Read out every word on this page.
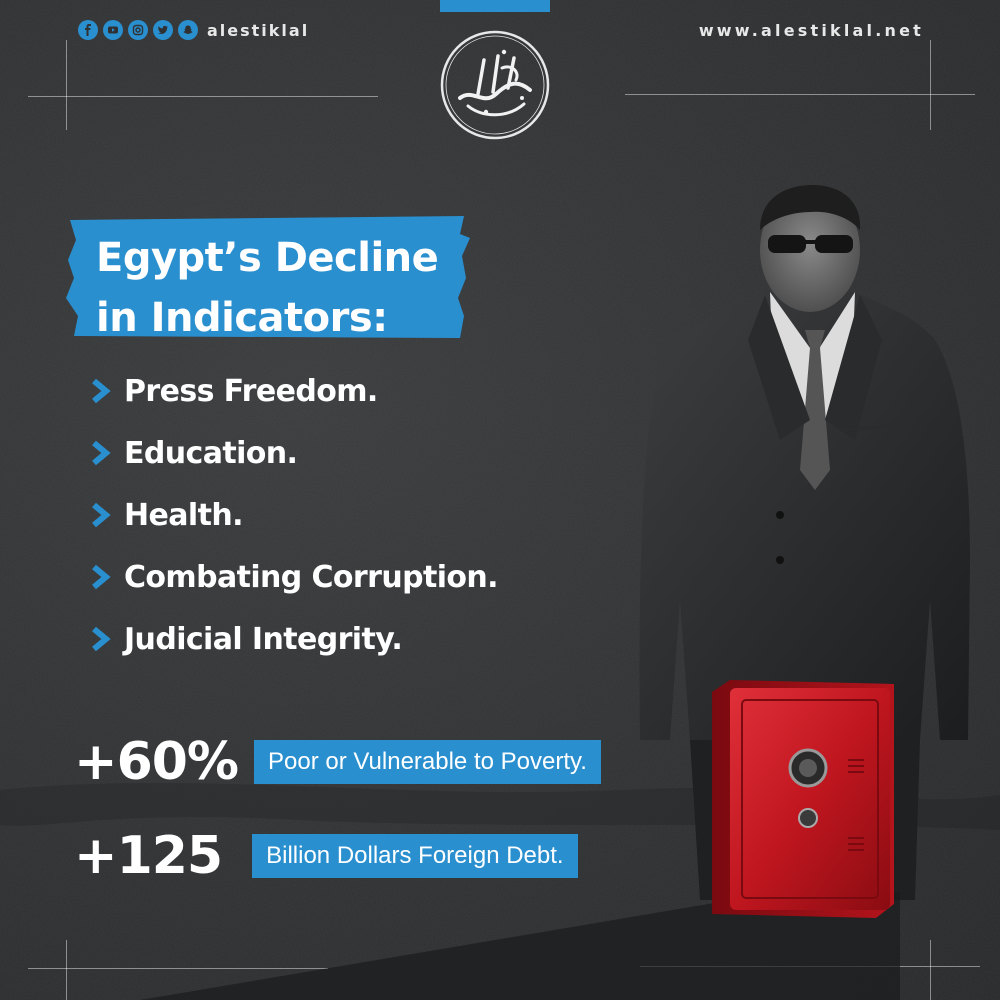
alestiklal	www.alestiklal.net
Egypt’s Decline
in Indicators:
Press Freedom.
Education.
Health.
Combating Corruption.
Judicial Integrity.
+60%	Poor or Vulnerable to Poverty.
+125	Billion Dollars Foreign Debt.
